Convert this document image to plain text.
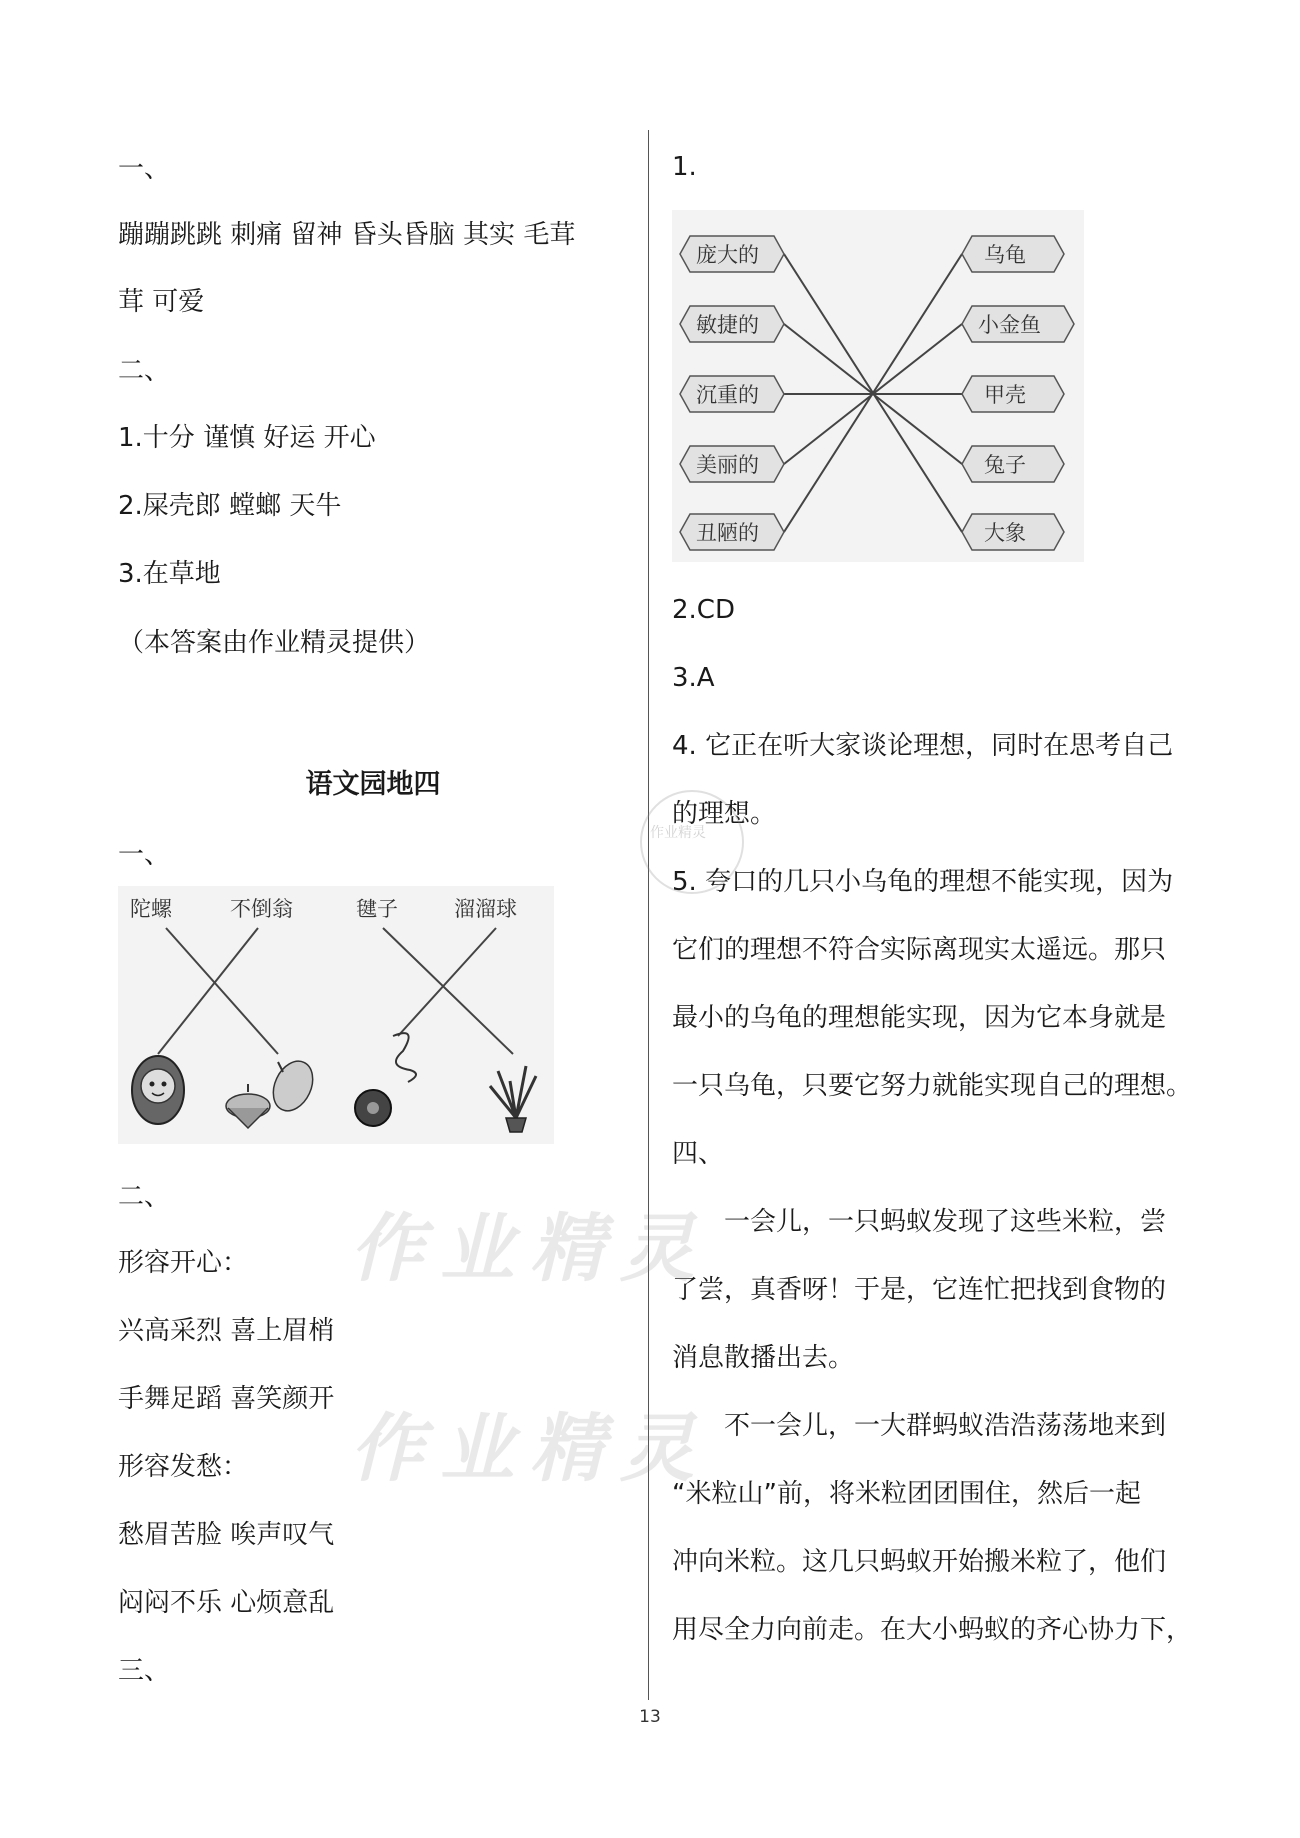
一、
蹦蹦跳跳 刺痛 留神 昏头昏脑 其实 毛茸
茸 可爱
二、
1.十分 谨慎 好运 开心
2.屎壳郎 螳螂 天牛
3.在草地
（本答案由作业精灵提供）
语文园地四
一、
陀螺	不倒翁	毽子	溜溜球
二、
形容开心：
兴高采烈 喜上眉梢
手舞足蹈 喜笑颜开
形容发愁：
愁眉苦脸 唉声叹气
闷闷不乐 心烦意乱
三、
1.
庞大的
敏捷的
沉重的
美丽的
丑陋的
乌龟
小金鱼
甲壳
兔子
大象
2.CD
3.A
4. 它正在听大家谈论理想，同时在思考自己
的理想。
5. 夸口的几只小乌龟的理想不能实现，因为
它们的理想不符合实际离现实太遥远。那只
最小的乌龟的理想能实现，因为它本身就是
一只乌龟，只要它努力就能实现自己的理想。
四、
一会儿，一只蚂蚁发现了这些米粒，尝
了尝，真香呀！于是，它连忙把找到食物的
消息散播出去。
不一会儿，一大群蚂蚁浩浩荡荡地来到
“米粒山”前，将米粒团团围住，然后一起
冲向米粒。这几只蚂蚁开始搬米粒了，他们
用尽全力向前走。在大小蚂蚁的齐心协力下，
作业精灵
作业精灵
作业精灵
13
